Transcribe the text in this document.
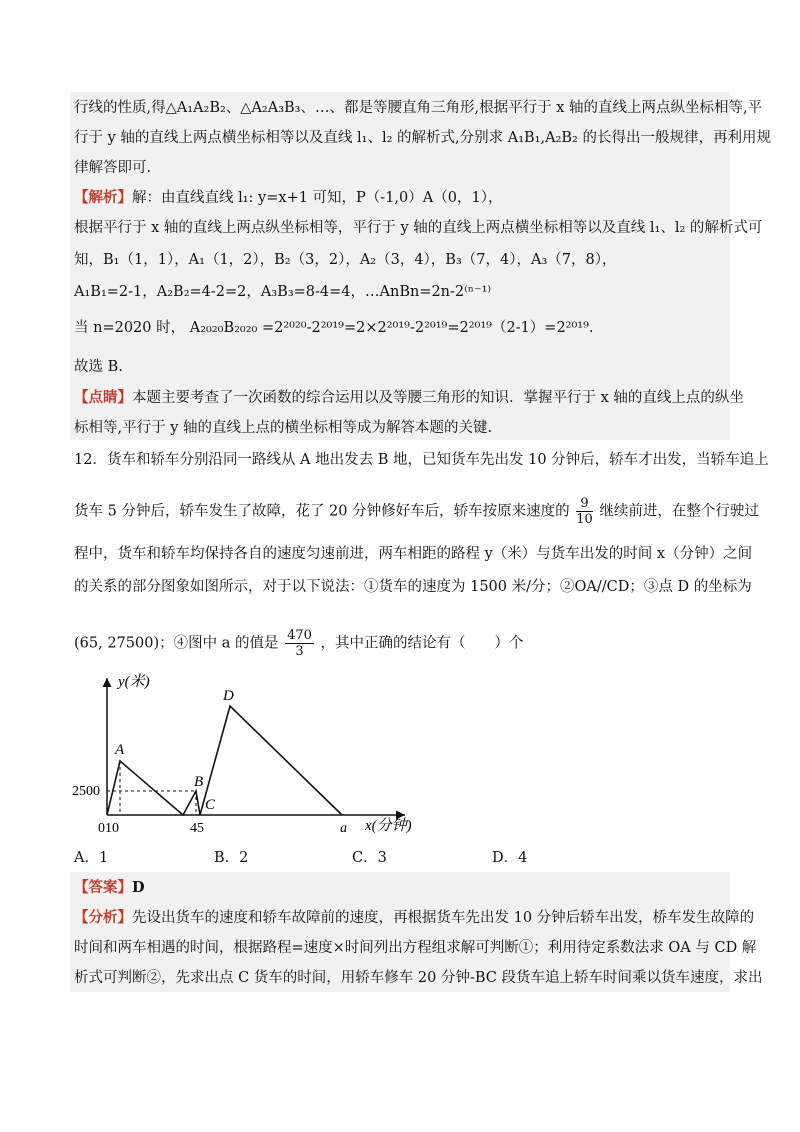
行线的性质,得△A₁A₂B₂、△A₂A₃B₃、…、都是等腰直角三角形,根据平行于 x 轴的直线上两点纵坐标相等,平
行于 y 轴的直线上两点横坐标相等以及直线 l₁、l₂ 的解析式,分别求 A₁B₁,A₂B₂ 的长得出一般规律，再利用规
律解答即可.
【解析】解：由直线直线 l₁: y=x+1 可知，P（-1,0）A（0，1），
根据平行于 x 轴的直线上两点纵坐标相等，平行于 y 轴的直线上两点横坐标相等以及直线 l₁、l₂ 的解析式可
知，B₁（1，1），A₁（1，2），B₂（3，2），A₂（3，4），B₃（7，4），A₃（7，8），
A₁B₁=2-1，A₂B₂=4-2=2，A₃B₃=8-4=4，…AnBn=2n-2⁽ⁿ⁻¹⁾
当 n=2020 时， A₂₀₂₀B₂₀₂₀ =2²⁰²⁰-2²⁰¹⁹=2×2²⁰¹⁹-2²⁰¹⁹=2²⁰¹⁹（2-1）=2²⁰¹⁹.
故选 B.
【点睛】本题主要考查了一次函数的综合运用以及等腰三角形的知识．掌握平行于 x 轴的直线上点的纵坐
标相等,平行于 y 轴的直线上点的横坐标相等成为解答本题的关键.
12．货车和轿车分别沿同一路线从 A 地出发去 B 地，已知货车先出发 10 分钟后，轿车才出发，当轿车追上
货车 5 分钟后，轿车发生了故障，花了 20 分钟修好车后，轿车按原来速度的 $\frac{9}{10}$ 继续前进，在整个行驶过
程中，货车和轿车均保持各自的速度匀速前进，两车相距的路程 y（米）与货车出发的时间 x（分钟）之间
的关系的部分图象如图所示，对于以下说法：①货车的速度为 1500 米/分；②OA//CD；③点 D 的坐标为
(65, 27500)；④图中 a 的值是 $\frac{470}{3}$ ，其中正确的结论有（　　）个
y(米)
x(分钟)
2500
010	45	a
A
B
C
D
A．1	B．2	C．3	D．4
【答案】D
【分析】先设出货车的速度和轿车故障前的速度，再根据货车先出发 10 分钟后轿车出发，桥车发生故障的
时间和两车相遇的时间，根据路程=速度×时间列出方程组求解可判断①；利用待定系数法求 OA 与 CD 解
析式可判断②，先求出点 C 货车的时间，用轿车修车 20 分钟-BC 段货车追上轿车时间乘以货车速度，求出
